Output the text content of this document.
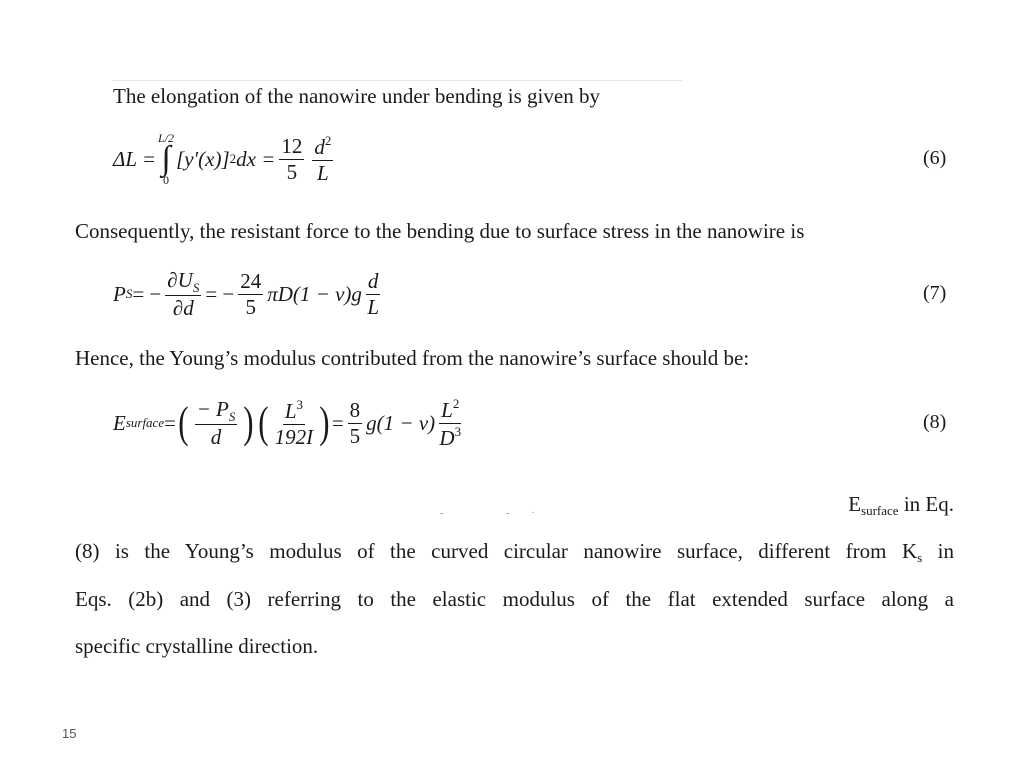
The elongation of the nanowire under bending is given by
ΔL =
L/2
∫
0
[y′(x)] 2 dx = $\frac{12}{5} \frac{d^2}{L}$	(6)
Consequently, the resistant force to the bending due to surface stress in the nanowire is
P S = − $\frac{\partial U_S}{\partial d}$ = − $\frac{24}{5} \pi D(1 - \nu)g \frac{d}{L}$	(7)
Hence, the Young’s modulus contributed from the nanowire’s surface should be:
E surface = ( $\frac{- P_S}{d}$ ) ( $\frac{L^3}{192I}$ ) = $\frac{8}{5} g(1 - \nu) \frac{L^2}{D^3}$	(8)
‑                         ‑         ·	Esurface in Eq.
(8) is the Young’s modulus of the curved circular nanowire surface, different from Ks in
Eqs. (2b) and (3) referring to the elastic modulus of the flat extended surface along a
specific crystalline direction.
15
